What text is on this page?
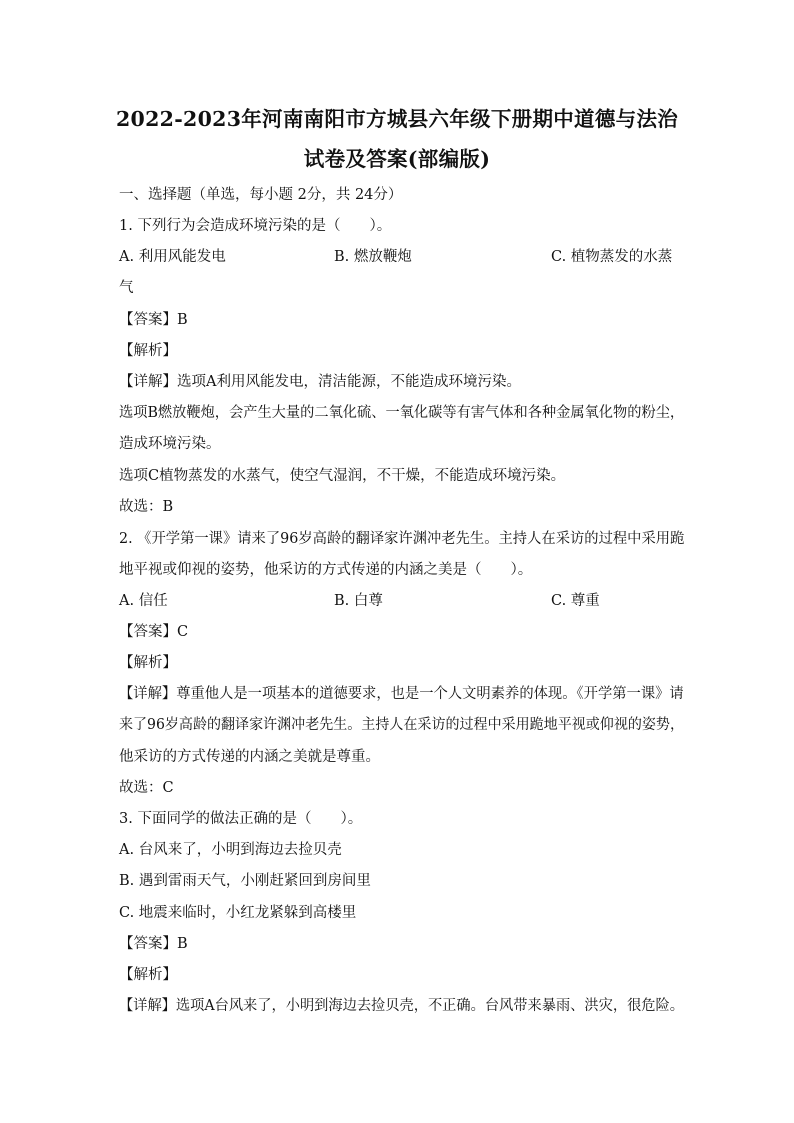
2022-2023年河南南阳市方城县六年级下册期中道德与法治
试卷及答案(部编版)
一、选择题（单选，每小题 2分，共 24分）
1. 下列行为会造成环境污染的是（　　）。
A. 利用风能发电	B. 燃放鞭炮	C. 植物蒸发的水蒸
气
【答案】B
【解析】
【详解】选项A利用风能发电，清洁能源，不能造成环境污染。
选项B燃放鞭炮，会产生大量的二氧化硫、一氧化碳等有害气体和各种金属氧化物的粉尘，
造成环境污染。
选项C植物蒸发的水蒸气，使空气湿润，不干燥，不能造成环境污染。
故选：B
2. 《开学第一课》请来了96岁高龄的翻译家许渊冲老先生。主持人在采访的过程中采用跪
地平视或仰视的姿势，他采访的方式传递的内涵之美是（　　）。
A. 信任	B. 白尊	C. 尊重
【答案】C
【解析】
【详解】尊重他人是一项基本的道德要求，也是一个人文明素养的体现。《开学第一课》请
来了96岁高龄的翻译家许渊冲老先生。主持人在采访的过程中采用跪地平视或仰视的姿势，
他采访的方式传递的内涵之美就是尊重。
故选：C
3. 下面同学的做法正确的是（　　）。
A. 台风来了，小明到海边去捡贝壳
B. 遇到雷雨天气，小刚赶紧回到房间里
C. 地震来临时，小红龙紧躲到高楼里
【答案】B
【解析】
【详解】选项A台风来了，小明到海边去捡贝壳，不正确。台风带来暴雨、洪灾，很危险。
